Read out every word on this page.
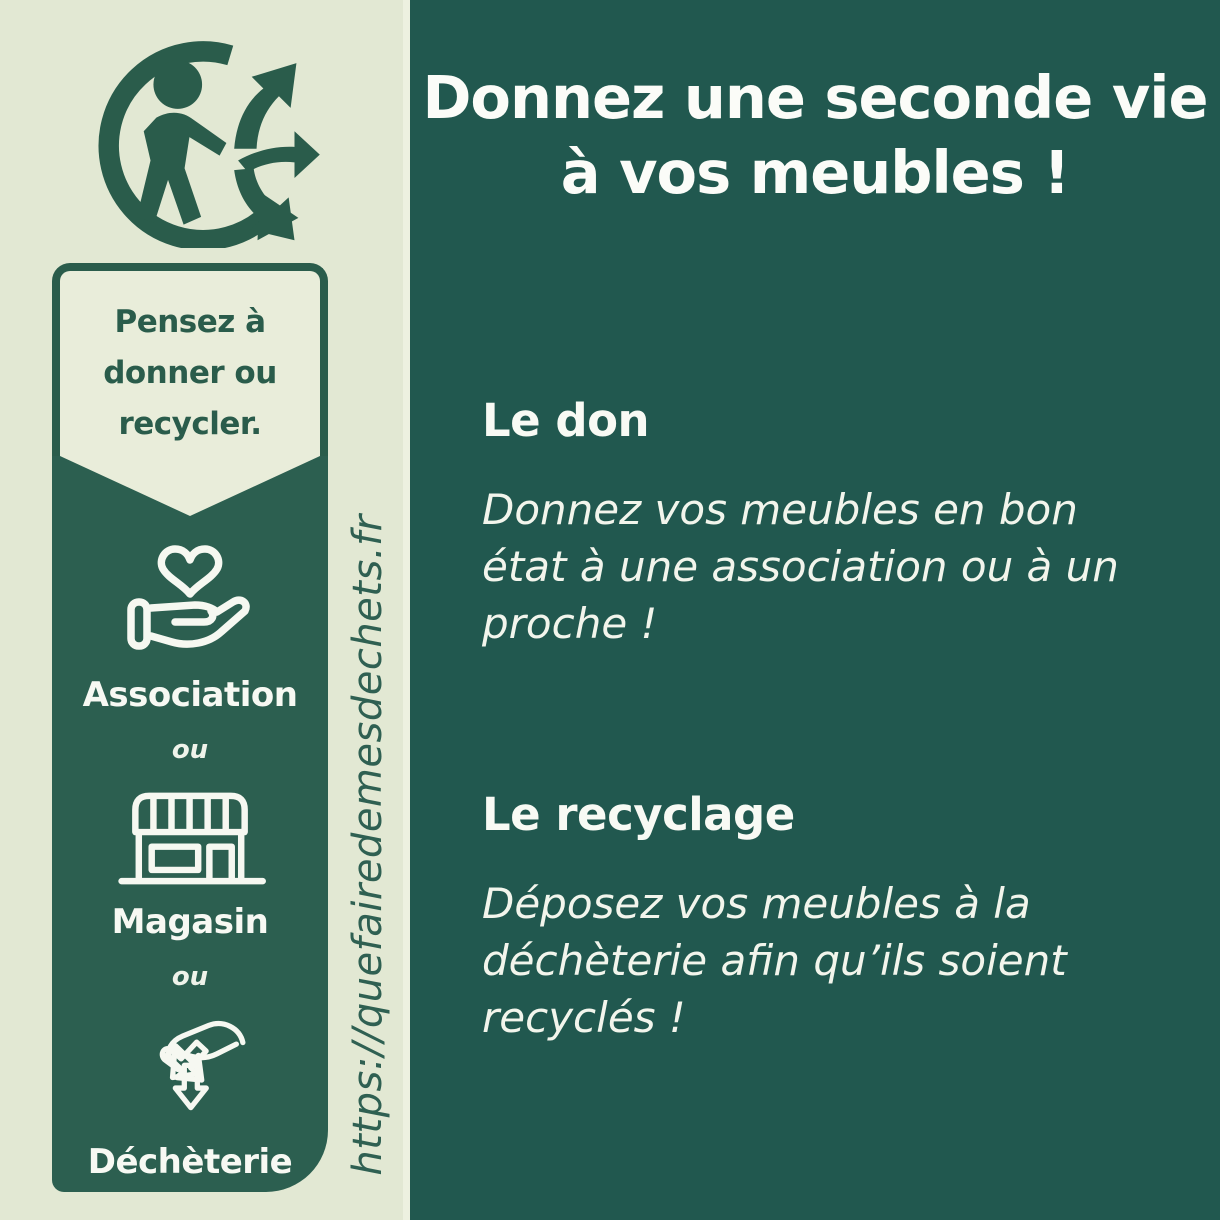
Pensez à
donner ou
recycler.
Association
ou
Magasin
ou
Déchèterie https://quefairedemesdechets.fr
Donnez une seconde vie
à vos meubles !
Le don
Donnez vos meubles en bon
état à une association ou à un
proche !
Le recyclage
Déposez vos meubles à la
déchèterie afin qu’ils soient
recyclés !
